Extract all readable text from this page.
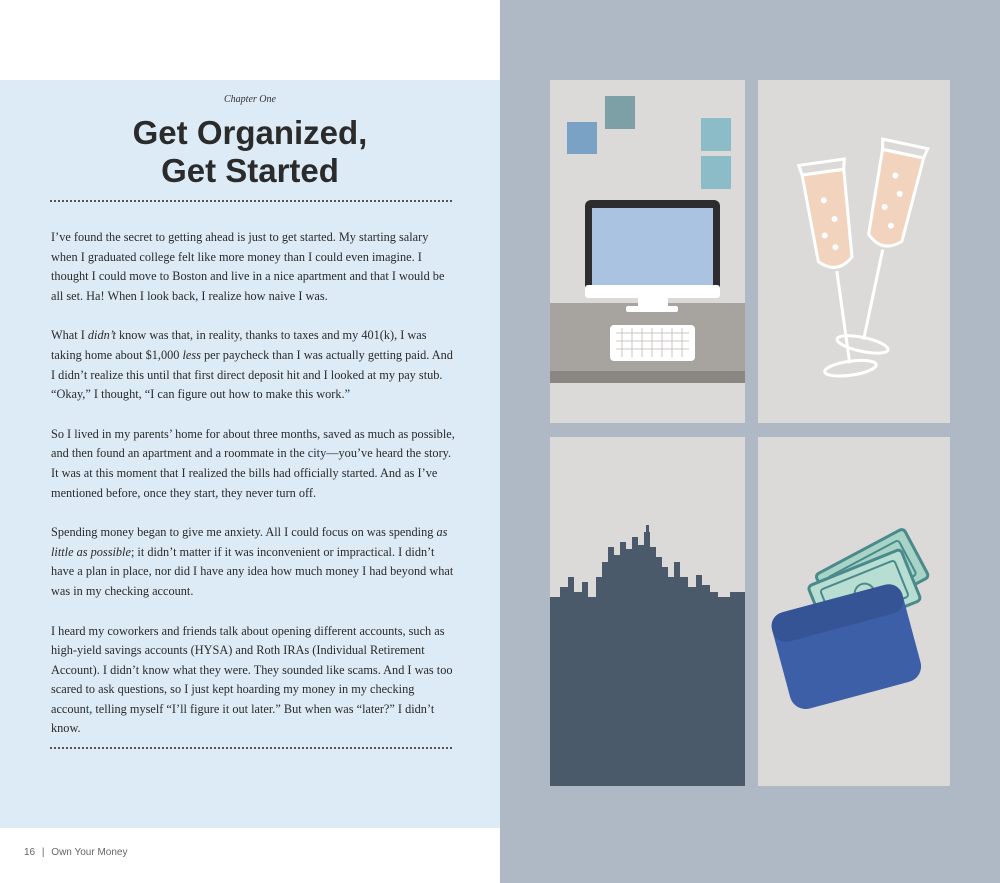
Chapter One
Get Organized,
Get Started

I’ve found the secret to getting ahead is just to get started. My starting salary when I graduated college felt like more money than I could even imagine. I thought I could move to Boston and live in a nice apartment and that I would be all set. Ha! When I look back, I realize how naive I was.

What I didn’t know was that, in reality, thanks to taxes and my 401(k), I was taking home about $1,000 less per paycheck than I was actually getting paid. And I didn’t realize this until that first direct deposit hit and I looked at my pay stub. “Okay,” I thought, “I can figure out how to make this work.”

So I lived in my parents’ home for about three months, saved as much as possible, and then found an apartment and a roommate in the city—you’ve heard the story. It was at this moment that I realized the bills had officially started. And as I’ve mentioned before, once they start, they never turn off.

Spending money began to give me anxiety. All I could focus on was spending as little as possible; it didn’t matter if it was inconvenient or impractical. I didn’t have a plan in place, nor did I have any idea how much money I had beyond what was in my checking account.

I heard my coworkers and friends talk about opening different accounts, such as high-yield savings accounts (HYSA) and Roth IRAs (Individual Retirement Account). I didn’t know what they were. They sounded like scams. And I was too scared to ask questions, so I just kept hoarding my money in my checking account, telling myself “I’ll figure it out later.” But when was “later?” I didn’t know.

16 | Own Your Money
